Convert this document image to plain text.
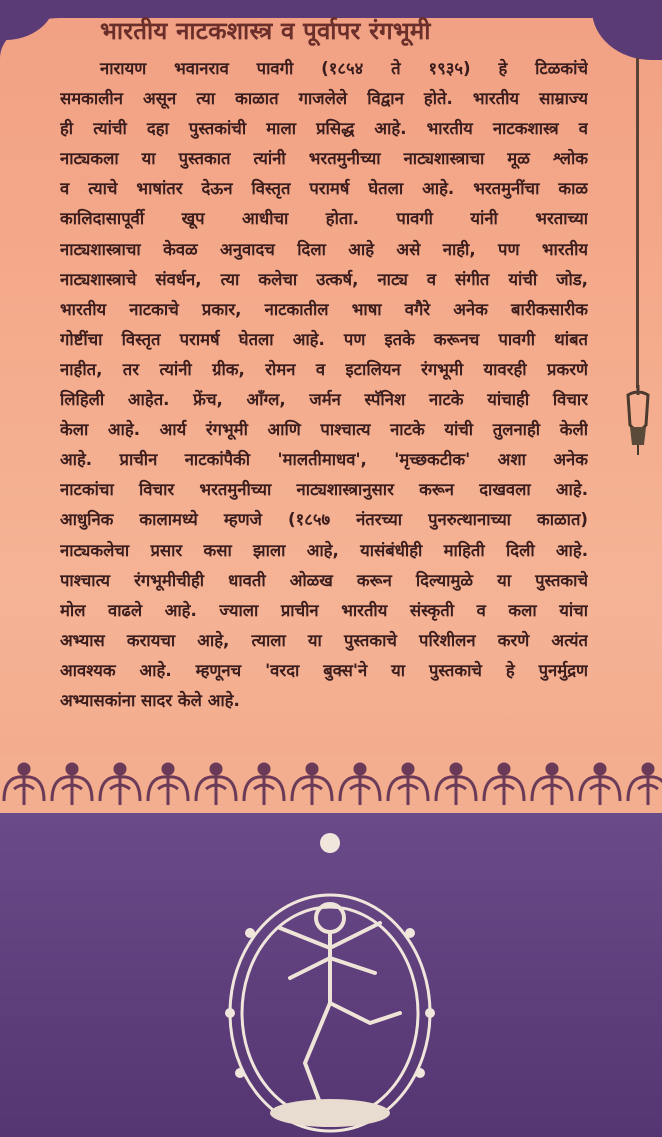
भारतीय नाटकशास्त्र व पूर्वापर रंगभूमी
नारायण भवानराव पावगी (१८५४ ते १९३५) हे टिळकांचे
समकालीन असून त्या काळात गाजलेले विद्वान होते. भारतीय साम्राज्य
ही त्यांची दहा पुस्तकांची माला प्रसिद्ध आहे. भारतीय नाटकशास्त्र व
नाट्यकला या पुस्तकात त्यांनी भरतमुनीच्या नाट्यशास्त्राचा मूळ श्लोक
व त्याचे भाषांतर देऊन विस्तृत परामर्ष घेतला आहे. भरतमुनींचा काळ
कालिदासापूर्वी खूप आधीचा होता. पावगी यांनी भरताच्या
नाट्यशास्त्राचा केवळ अनुवादच दिला आहे असे नाही, पण भारतीय
नाट्यशास्त्राचे संवर्धन, त्या कलेचा उत्कर्ष, नाट्य व संगीत यांची जोड,
भारतीय नाटकाचे प्रकार, नाटकातील भाषा वगैरे अनेक बारीकसारीक
गोष्टींचा विस्तृत परामर्ष घेतला आहे. पण इतके करूनच पावगी थांबत
नाहीत, तर त्यांनी ग्रीक, रोमन व इटालियन रंगभूमी यावरही प्रकरणे
लिहिली आहेत. फ्रेंच, आँग्ल, जर्मन स्पॅनिश नाटके यांचाही विचार
केला आहे. आर्य रंगभूमी आणि पाश्चात्य नाटके यांची तुलनाही केली
आहे. प्राचीन नाटकांपैकी 'मालतीमाधव', 'मृच्छकटीक' अशा अनेक
नाटकांचा विचार भरतमुनीच्या नाट्यशास्त्रानुसार करून दाखवला आहे.
आधुनिक कालामध्ये म्हणजे (१८५७ नंतरच्या पुनरुत्थानाच्या काळात)
नाट्यकलेचा प्रसार कसा झाला आहे, यासंबंधीही माहिती दिली आहे.
पाश्चात्य रंगभूमीचीही धावती ओळख करून दिल्यामुळे या पुस्तकाचे
मोल वाढले आहे. ज्याला प्राचीन भारतीय संस्कृती व कला यांचा
अभ्यास करायचा आहे, त्याला या पुस्तकाचे परिशीलन करणे अत्यंत
आवश्यक आहे. म्हणूनच 'वरदा बुक्स'ने या पुस्तकाचे हे पुनर्मुद्रण
अभ्यासकांना सादर केले आहे.
